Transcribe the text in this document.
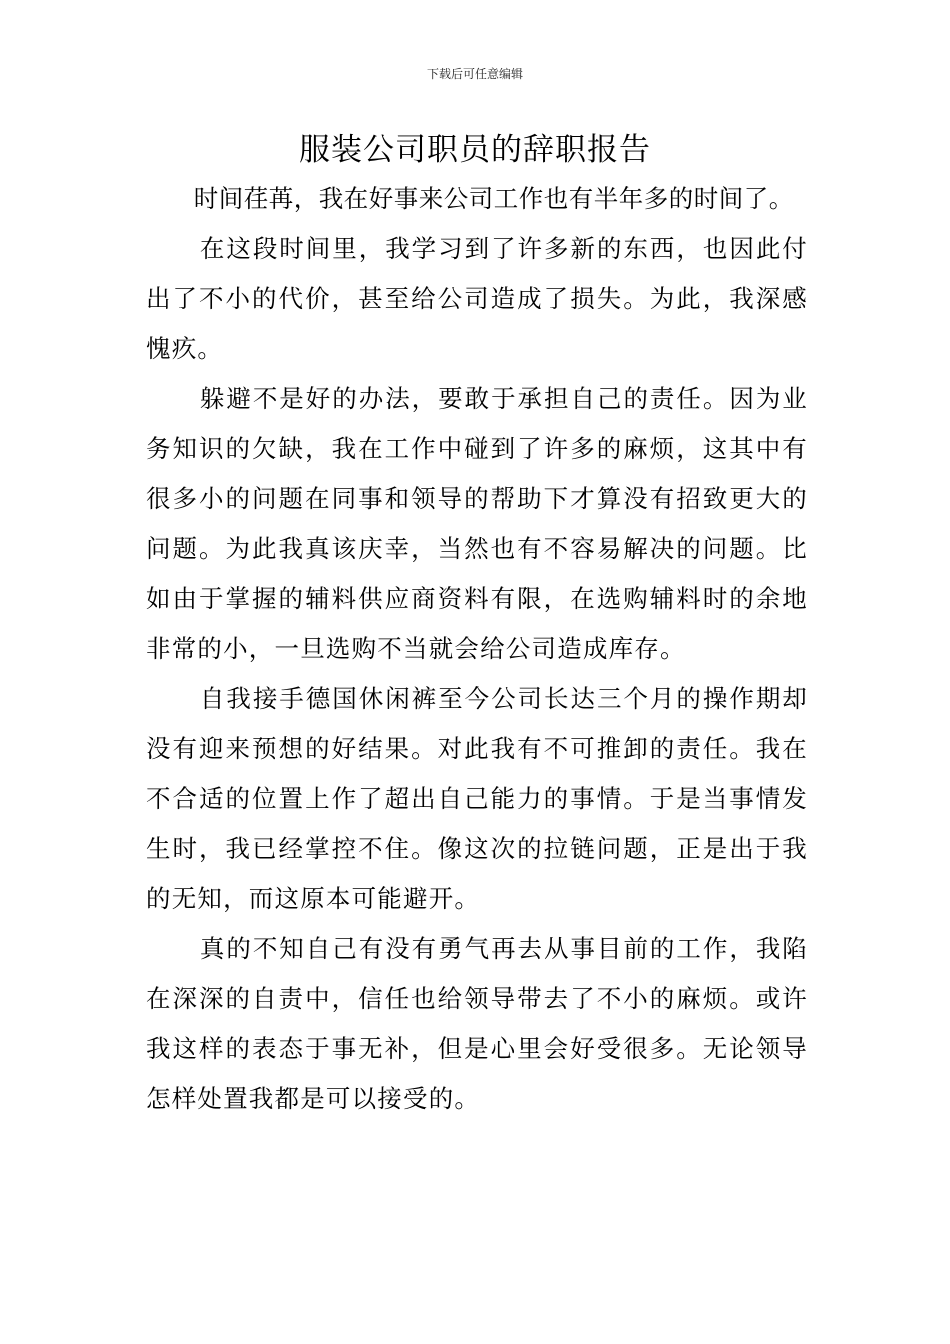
下载后可任意编辑
服装公司职员的辞职报告

时间荏苒，我在好事来公司工作也有半年多的时间了。

在这段时间里，我学习到了许多新的东西，也因此付出了不小的代价，甚至给公司造成了损失。为此，我深感愧疚。

躲避不是好的办法，要敢于承担自己的责任。因为业务知识的欠缺，我在工作中碰到了许多的麻烦，这其中有很多小的问题在同事和领导的帮助下才算没有招致更大的问题。为此我真该庆幸，当然也有不容易解决的问题。比如由于掌握的辅料供应商资料有限，在选购辅料时的余地非常的小，一旦选购不当就会给公司造成库存。

自我接手德国休闲裤至今公司长达三个月的操作期却没有迎来预想的好结果。对此我有不可推卸的责任。我在不合适的位置上作了超出自己能力的事情。于是当事情发生时，我已经掌控不住。像这次的拉链问题，正是出于我的无知，而这原本可能避开。

真的不知自己有没有勇气再去从事目前的工作，我陷在深深的自责中，信任也给领导带去了不小的麻烦。或许我这样的表态于事无补，但是心里会好受很多。无论领导怎样处置我都是可以接受的。
